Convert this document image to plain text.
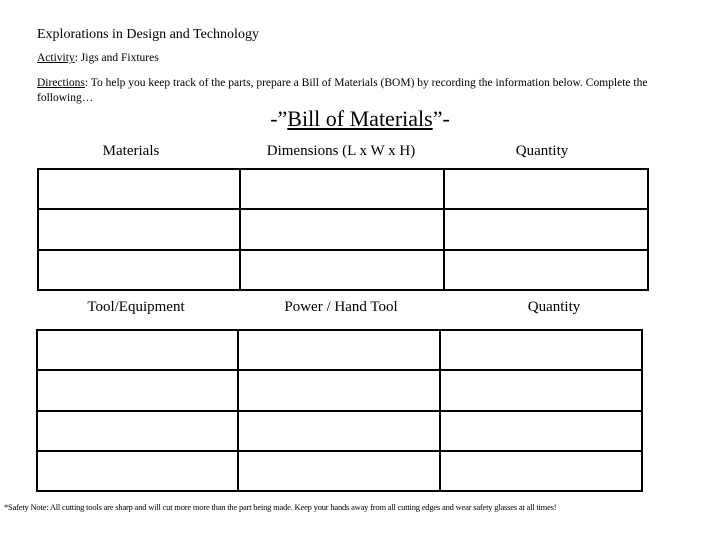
Explorations in Design and Technology
Activity: Jigs and Fixtures
Directions: To help you keep track of the parts, prepare a Bill of Materials (BOM) by recording the information below. Complete the following…
-”Bill of Materials”-
Materials	Dimensions (L x W x H)	Quantity

Tool/Equipment	Power / Hand Tool	Quantity

*Safety Note: All cutting tools are sharp and will cut more more than the part being made. Keep your hands away from all cutting edges and wear safety glasses at all times!
